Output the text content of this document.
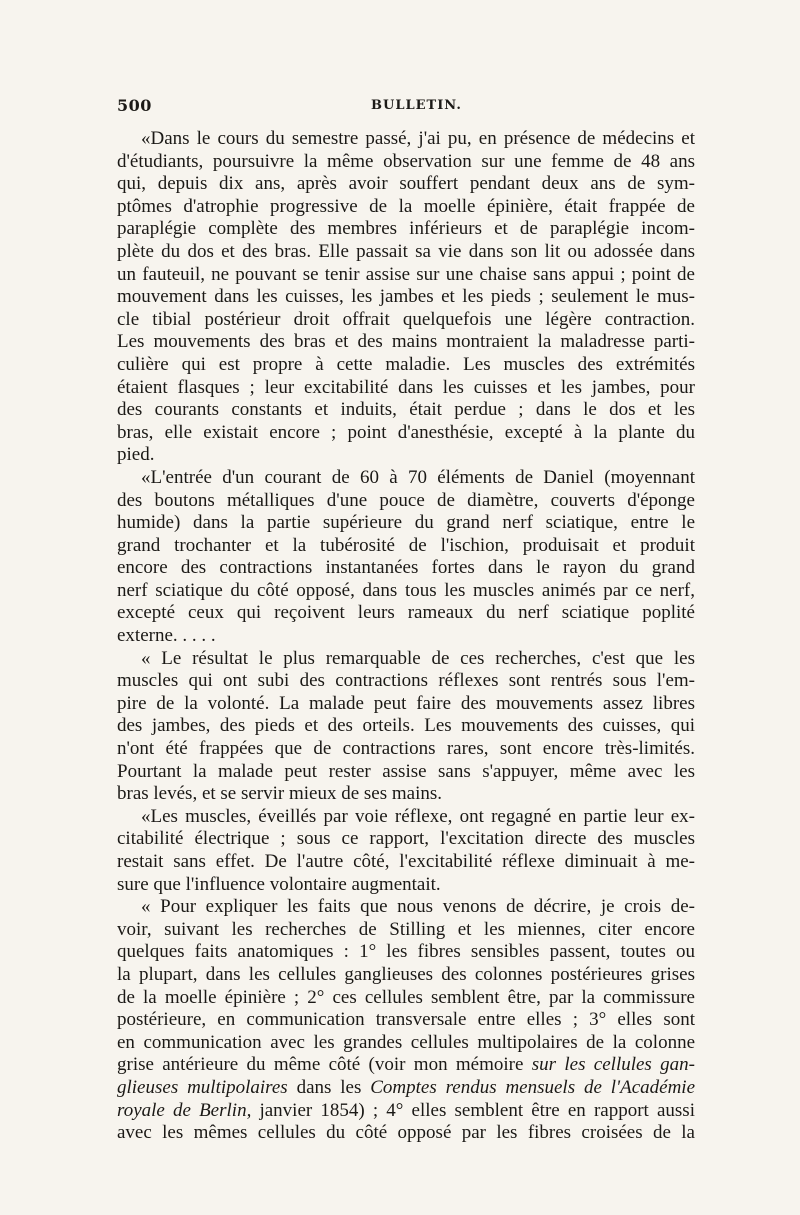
500	BULLETIN.
«Dans le cours du semestre passé, j'ai pu, en présence de médecins et
d'étudiants, poursuivre la même observation sur une femme de 48 ans
qui, depuis dix ans, après avoir souffert pendant deux ans de sym-
ptômes d'atrophie progressive de la moelle épinière, était frappée de
paraplégie complète des membres inférieurs et de paraplégie incom-
plète du dos et des bras. Elle passait sa vie dans son lit ou adossée dans
un fauteuil, ne pouvant se tenir assise sur une chaise sans appui ; point de
mouvement dans les cuisses, les jambes et les pieds ; seulement le mus-
cle tibial postérieur droit offrait quelquefois une légère contraction.
Les mouvements des bras et des mains montraient la maladresse parti-
culière qui est propre à cette maladie. Les muscles des extrémités
étaient flasques ; leur excitabilité dans les cuisses et les jambes, pour
des courants constants et induits, était perdue ; dans le dos et les
bras, elle existait encore ; point d'anesthésie, excepté à la plante du
pied.
«L'entrée d'un courant de 60 à 70 éléments de Daniel (moyennant
des boutons métalliques d'une pouce de diamètre, couverts d'éponge
humide) dans la partie supérieure du grand nerf sciatique, entre le
grand trochanter et la tubérosité de l'ischion, produisait et produit
encore des contractions instantanées fortes dans le rayon du grand
nerf sciatique du côté opposé, dans tous les muscles animés par ce nerf,
excepté ceux qui reçoivent leurs rameaux du nerf sciatique poplité
externe. . . . .
« Le résultat le plus remarquable de ces recherches, c'est que les
muscles qui ont subi des contractions réflexes sont rentrés sous l'em-
pire de la volonté. La malade peut faire des mouvements assez libres
des jambes, des pieds et des orteils. Les mouvements des cuisses, qui
n'ont été frappées que de contractions rares, sont encore très-limités.
Pourtant la malade peut rester assise sans s'appuyer, même avec les
bras levés, et se servir mieux de ses mains.
«Les muscles, éveillés par voie réflexe, ont regagné en partie leur ex-
citabilité électrique ; sous ce rapport, l'excitation directe des muscles
restait sans effet. De l'autre côté, l'excitabilité réflexe diminuait à me-
sure que l'influence volontaire augmentait.
« Pour expliquer les faits que nous venons de décrire, je crois de-
voir, suivant les recherches de Stilling et les miennes, citer encore
quelques faits anatomiques : 1° les fibres sensibles passent, toutes ou
la plupart, dans les cellules ganglieuses des colonnes postérieures grises
de la moelle épinière ; 2° ces cellules semblent être, par la commissure
postérieure, en communication transversale entre elles ; 3° elles sont
en communication avec les grandes cellules multipolaires de la colonne
grise antérieure du même côté (voir mon mémoire sur les cellules gan-
glieuses multipolaires dans les Comptes rendus mensuels de l'Académie
royale de Berlin, janvier 1854) ; 4° elles semblent être en rapport aussi
avec les mêmes cellules du côté opposé par les fibres croisées de la
